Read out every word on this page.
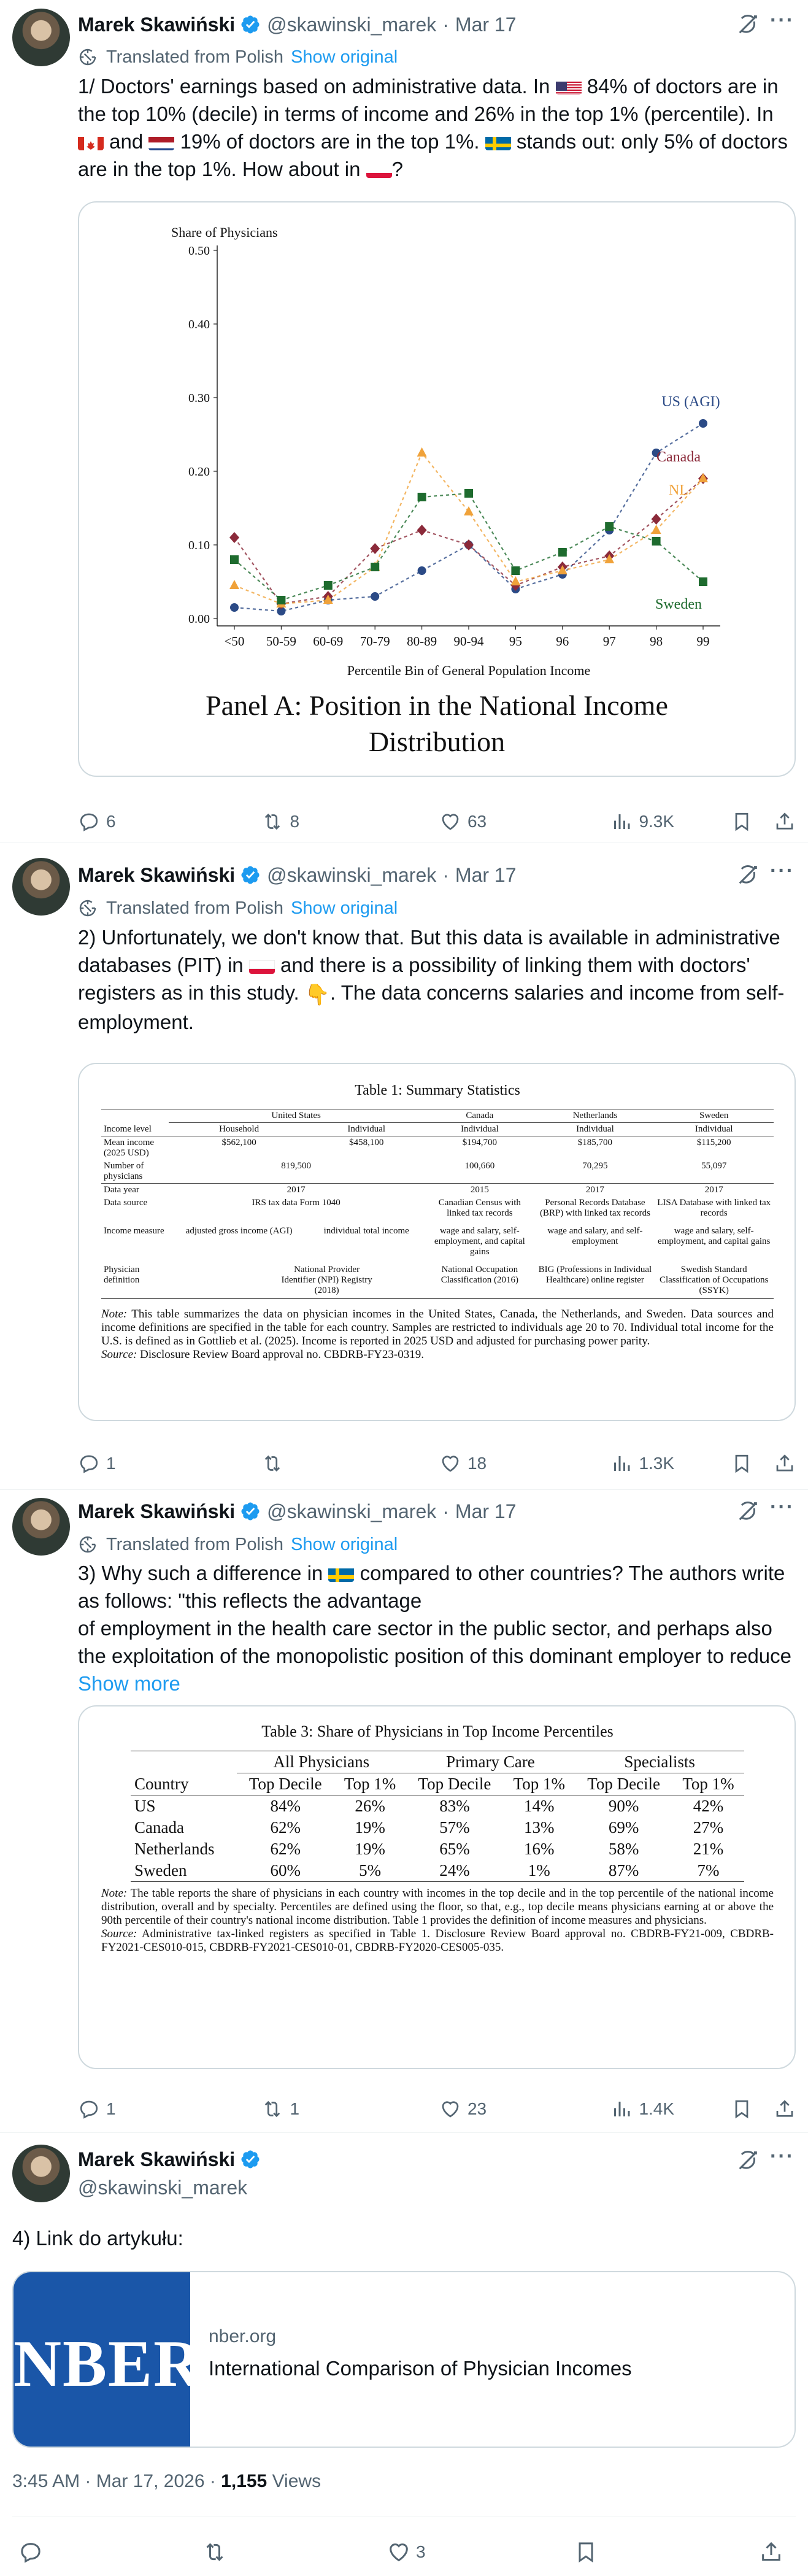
Marek Skawiński @skawinski_marek · Mar 17	···
Translated from Polish Show original
1/ Doctors' earnings based on administrative data. In  84% of doctors are in the top 10% (decile) in terms of income and 26% in the top 1% (percentile). In  and  19% of doctors are in the top 1%.  stands out: only 5% of doctors are in the top 1%. How about in ?
0.00
0.10
0.20
0.30
0.40
0.50
<50 50-59 60-69 70-79 80-89 90-94 95	96	97	98	99
Share of Physicians
Percentile Bin of General Population Income
US (AGI)
Canada
NL
Sweden
Panel A: Position in the National Income
Distribution
6	8	63	9.3K
Marek Skawiński @skawinski_marek · Mar 17	···
Translated from Polish Show original
2) Unfortunately, we don't know that. But this data is available in administrative databases (PIT) in  and there is a possibility of linking them with doctors' registers as in this study. 👇. The data concerns salaries and income from self-employment.
Table 1: Summary Statistics
	United States		Canada	Netherlands	Sweden
Income level	Household	Individual	Individual	Individual	Individual
Mean income (2025 USD)	$562,100	$458,100	$194,700	$185,700	$115,200
Number of physicians	819,500		100,660	70,295	55,097
Data year	2017		2015	2017	2017
Data source	IRS tax data Form 1040		Canadian Census with linked tax records	Personal Records Database (BRP) with linked tax records	LISA Database with linked tax records
Income measure	adjusted gross income (AGI)	individual total income	wage and salary, self-employment, and capital gains	wage and salary, and self-employment	wage and salary, self-employment, and capital gains
Physician definition	National Provider Identifier (NPI) Registry (2018)		National Occupation Classification (2016)	BIG (Professions in Individual Healthcare) online register	Swedish Standard Classification of Occupations (SSYK)
Note: This table summarizes the data on physician incomes in the United States, Canada, the Netherlands, and Sweden. Data sources and income definitions are specified in the table for each country. Samples are restricted to individuals age 20 to 70. Individual total income for the U.S. is defined as in Gottlieb et al. (2025). Income is reported in 2025 USD and adjusted for purchasing power parity.
Source: Disclosure Review Board approval no. CBDRB-FY23-0319.
1	18	1.3K
Marek Skawiński @skawinski_marek · Mar 17	···
Translated from Polish Show original
3) Why such a difference in  compared to other countries? The authors write as follows: "this reflects the advantage
of employment in the health care sector in the public sector, and perhaps also the exploitation of the monopolistic position of this dominant employer to reduce
Show more
Table 3: Share of Physicians in Top Income Percentiles
	All Physicians		Primary Care		Specialists	
Country	Top Decile	Top 1%	Top Decile	Top 1%	Top Decile	Top 1%
US	84%	26%	83%	14%	90%	42%
Canada	62%	19%	57%	13%	69%	27%
Netherlands	62%	19%	65%	16%	58%	21%
Sweden	60%	5%	24%	1%	87%	7%
Note: The table reports the share of physicians in each country with incomes in the top decile and in the top percentile of the national income distribution, overall and by specialty. Percentiles are defined using the floor, so that, e.g., top decile means physicians earning at or above the 90th percentile of their country's national income distribution. Table 1 provides the definition of income measures and physicians.
Source: Administrative tax-linked registers as specified in Table 1. Disclosure Review Board approval no. CBDRB-FY21-009, CBDRB-FY2021-CES010-015, CBDRB-FY2021-CES010-01, CBDRB-FY2020-CES005-035.
1	1	23	1.4K
Marek Skawiński
@skawinski_marek
···
4) Link do artykułu:
NBER nber.org
International Comparison of Physician Incomes
3:45 AM · Mar 17, 2026 · 1,155 Views
3
